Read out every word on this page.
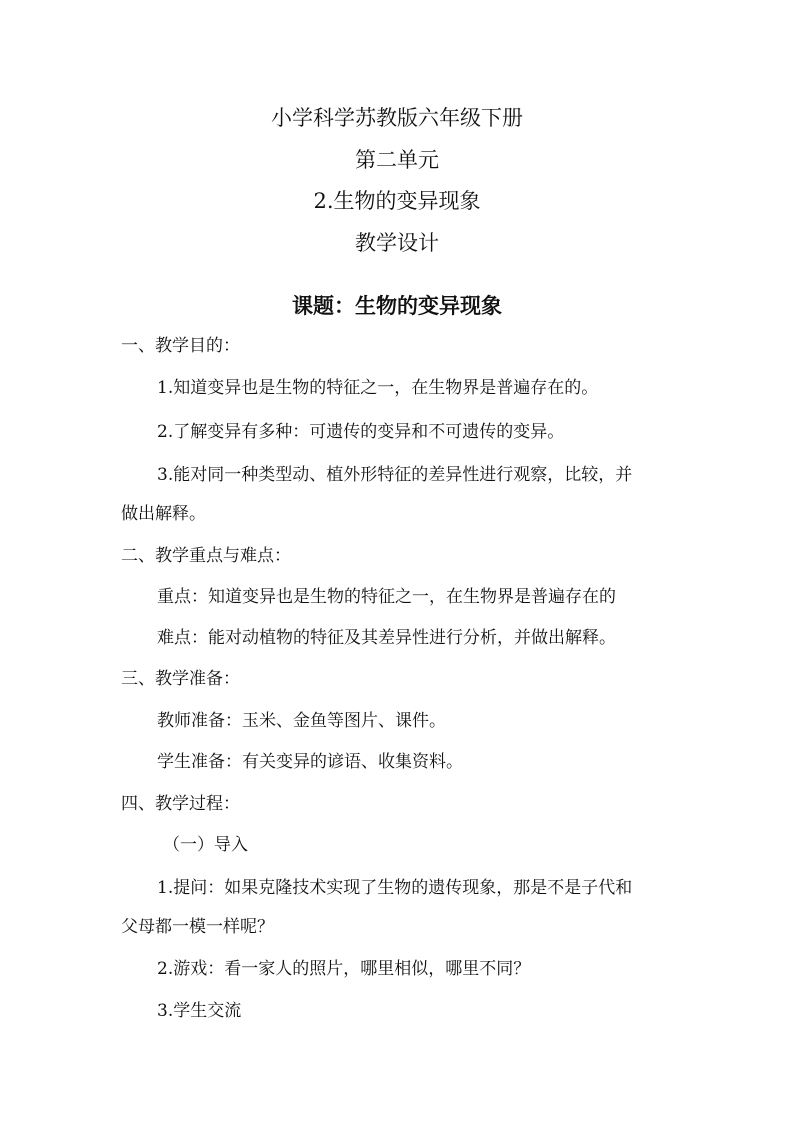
小学科学苏教版六年级下册
第二单元
2.生物的变异现象
教学设计
课题：生物的变异现象
一、教学目的：
1.知道变异也是生物的特征之一，在生物界是普遍存在的。
2.了解变异有多种：可遗传的变异和不可遗传的变异。
3.能对同一种类型动、植外形特征的差异性进行观察，比较，并
做出解释。
二、教学重点与难点：
重点：知道变异也是生物的特征之一，在生物界是普遍存在的
难点：能对动植物的特征及其差异性进行分析，并做出解释。
三、教学准备：
教师准备：玉米、金鱼等图片、课件。
学生准备：有关变异的谚语、收集资料。
四、教学过程：
（一）导入
1.提问：如果克隆技术实现了生物的遗传现象，那是不是子代和
父母都一模一样呢？
2.游戏：看一家人的照片，哪里相似，哪里不同？
3.学生交流
